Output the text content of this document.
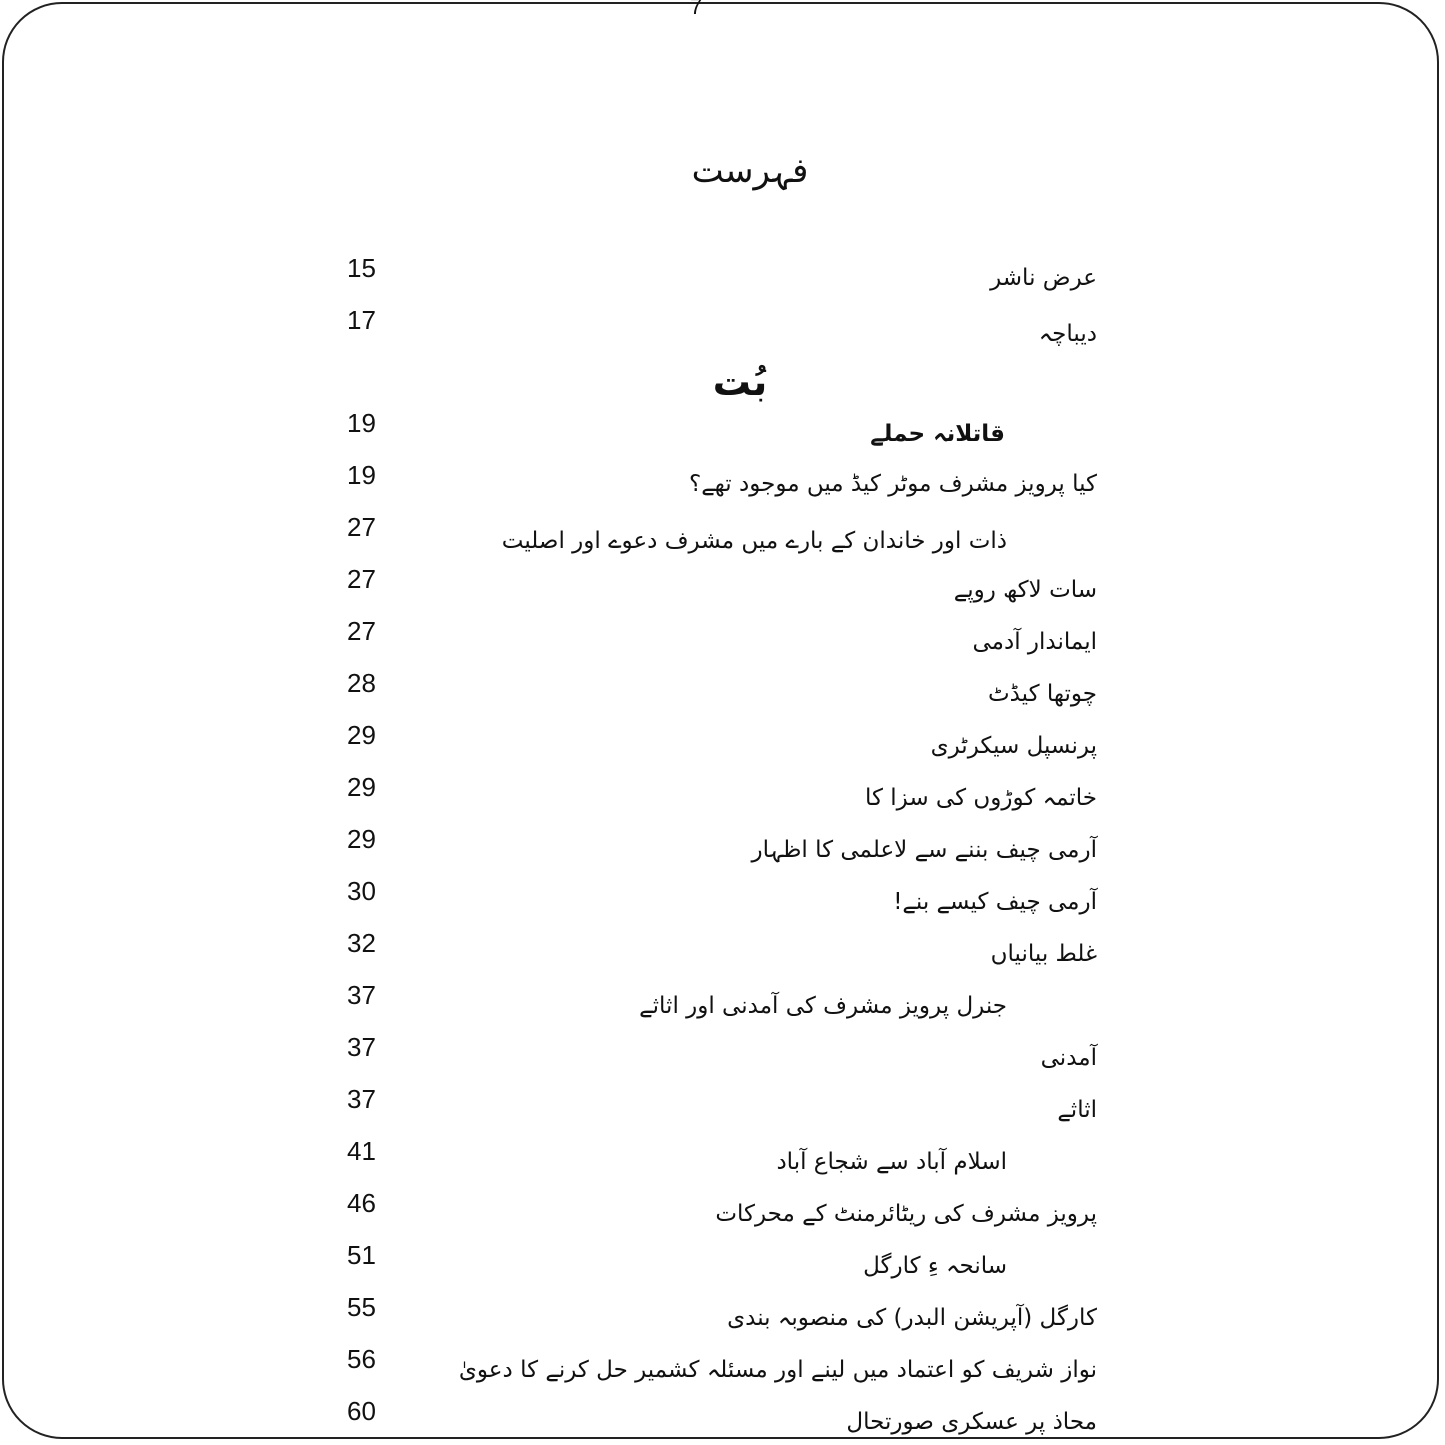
7
فہرست
بُت
15
17
19
19
27
27
27
28
29
29
29
30
32
37
37
37
41
46
51
55
56
60
عرض ناشر
دیباچہ
قاتلانہ حملے
کیا پرویز مشرف موٹر کیڈ میں موجود تھے؟
ذات اور خاندان کے بارے میں مشرف دعوے اور اصلیت
سات لاکھ روپے
ایماندار آدمی
چوتھا کیڈٹ
پرنسپل سیکرٹری
خاتمہ کوڑوں کی سزا کا
آرمی چیف بننے سے لاعلمی کا اظہار
آرمی چیف کیسے بنے!
غلط بیانیاں
جنرل پرویز مشرف کی آمدنی اور اثاثے
آمدنی
اثاثے
اسلام آباد سے شجاع آباد
پرویز مشرف کی ریٹائرمنٹ کے محرکات
سانحہ ءِ کارگل
کارگل (آپریشن البدر) کی منصوبہ بندی
نواز شریف کو اعتماد میں لینے اور مسئلہ کشمیر حل کرنے کا دعویٰ
محاذ پر عسکری صورتحال
